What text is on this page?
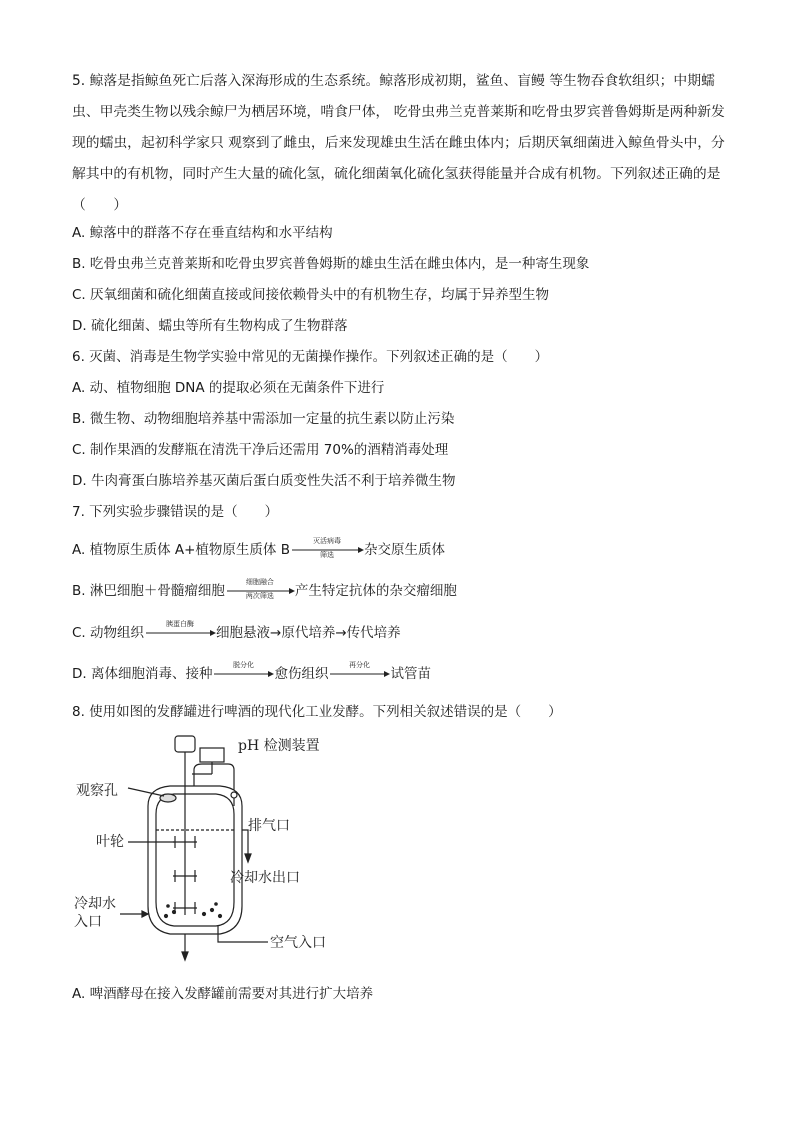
5. 鲸落是指鲸鱼死亡后落入深海形成的生态系统。鲸落形成初期，鲨鱼、盲鳗 等生物吞食软组织；中期蠕虫、甲壳类生物以残余鲸尸为栖居环境，啃食尸体， 吃骨虫弗兰克普莱斯和吃骨虫罗宾普鲁姆斯是两种新发现的蠕虫，起初科学家只 观察到了雌虫，后来发现雄虫生活在雌虫体内；后期厌氧细菌进入鲸鱼骨头中，分解其中的有机物，同时产生大量的硫化氢，硫化细菌氧化硫化氢获得能量并合成有机物。下列叙述正确的是（　　）
A. 鲸落中的群落不存在垂直结构和水平结构
B. 吃骨虫弗兰克普莱斯和吃骨虫罗宾普鲁姆斯的雄虫生活在雌虫体内，是一种寄生现象
C. 厌氧细菌和硫化细菌直接或间接依赖骨头中的有机物生存，均属于异养型生物
D. 硫化细菌、蠕虫等所有生物构成了生物群落
6. 灭菌、消毒是生物学实验中常见的无菌操作操作。下列叙述正确的是（　　）
A. 动、植物细胞 DNA 的提取必须在无菌条件下进行
B. 微生物、动物细胞培养基中需添加一定量的抗生素以防止污染
C. 制作果酒的发酵瓶在清洗干净后还需用 70%的酒精消毒处理
D. 牛肉膏蛋白胨培养基灭菌后蛋白质变性失活不利于培养微生物
7. 下列实验步骤错误的是（　　）
A. 植物原生质体 A+植物原生质体 B
灭活病毒
筛选	杂交原生质体
B. 淋巴细胞＋骨髓瘤细胞
细胞融合
两次筛选	产生特定抗体的杂交瘤细胞
C. 动物组织
胰蛋白酶
细胞悬液→原代培养→传代培养
D. 离体细胞消毒、接种
脱分化
愈伤组织
再分化
试管苗
8. 使用如图的发酵罐进行啤酒的现代化工业发酵。下列相关叙述错误的是（　　）
pH 检测装置
观察孔
排气口
叶轮
冷却水出口
冷却水
入口
空气入口
A. 啤酒酵母在接入发酵罐前需要对其进行扩大培养
